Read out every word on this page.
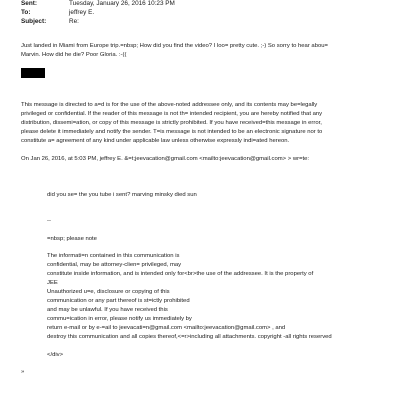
Sent:	Tuesday, January 26, 2016 10:23 PM
To:	jeffrey E.
Subject:	Re:
Just landed in Miami from Europe trip.=nbsp; How did you find the video? I loo= pretty cute. ;-) So sorry to hear abou=
Marvin. How did he die? Poor Gloria. :-((
This message is directed to a=d is for the use of the above-noted addressee only, and its contents may be=legally
privileged or confidential. If the reader of this message is not th= intended recipient, you are hereby notified that any
distribution, dissemi=ation, or copy of this message is strictly prohibited. If you have received=this message in error,
please delete it immediately and notify the sender. T=is message is not intended to be an electronic signature nor to
constitute a= agreement of any kind under applicable law unless otherwise expressly indi=ated hereon.
On Jan 26, 2016, at 5:03 PM, jeffrey E. &=t;jeevacation@gmail.com <mailto:jeevacation@gmail.com> > wr=te:
did you se= the you tube i sent? marving minsky died sun
--
=nbsp; please note
The informati=n contained in this communication is
confidential, may be attorney-clien= privileged, may
constitute inside information, and is intended only for<br>the use of the addressee. It is the property of
JEE
Unauthorized u=e, disclosure or copying of this
communication or any part thereof is st=ictly prohibited
and may be unlawful. If you have received this
commu=ication in error, please notify us immediately by
return e-mail or by e-=ail to jeevacati=n@gmail.com <mailto:jeevacation@gmail.com> , and
destroy this communication and all copies thereof,<=r>including all attachments. copyright -all rights reserved
</div>
»
